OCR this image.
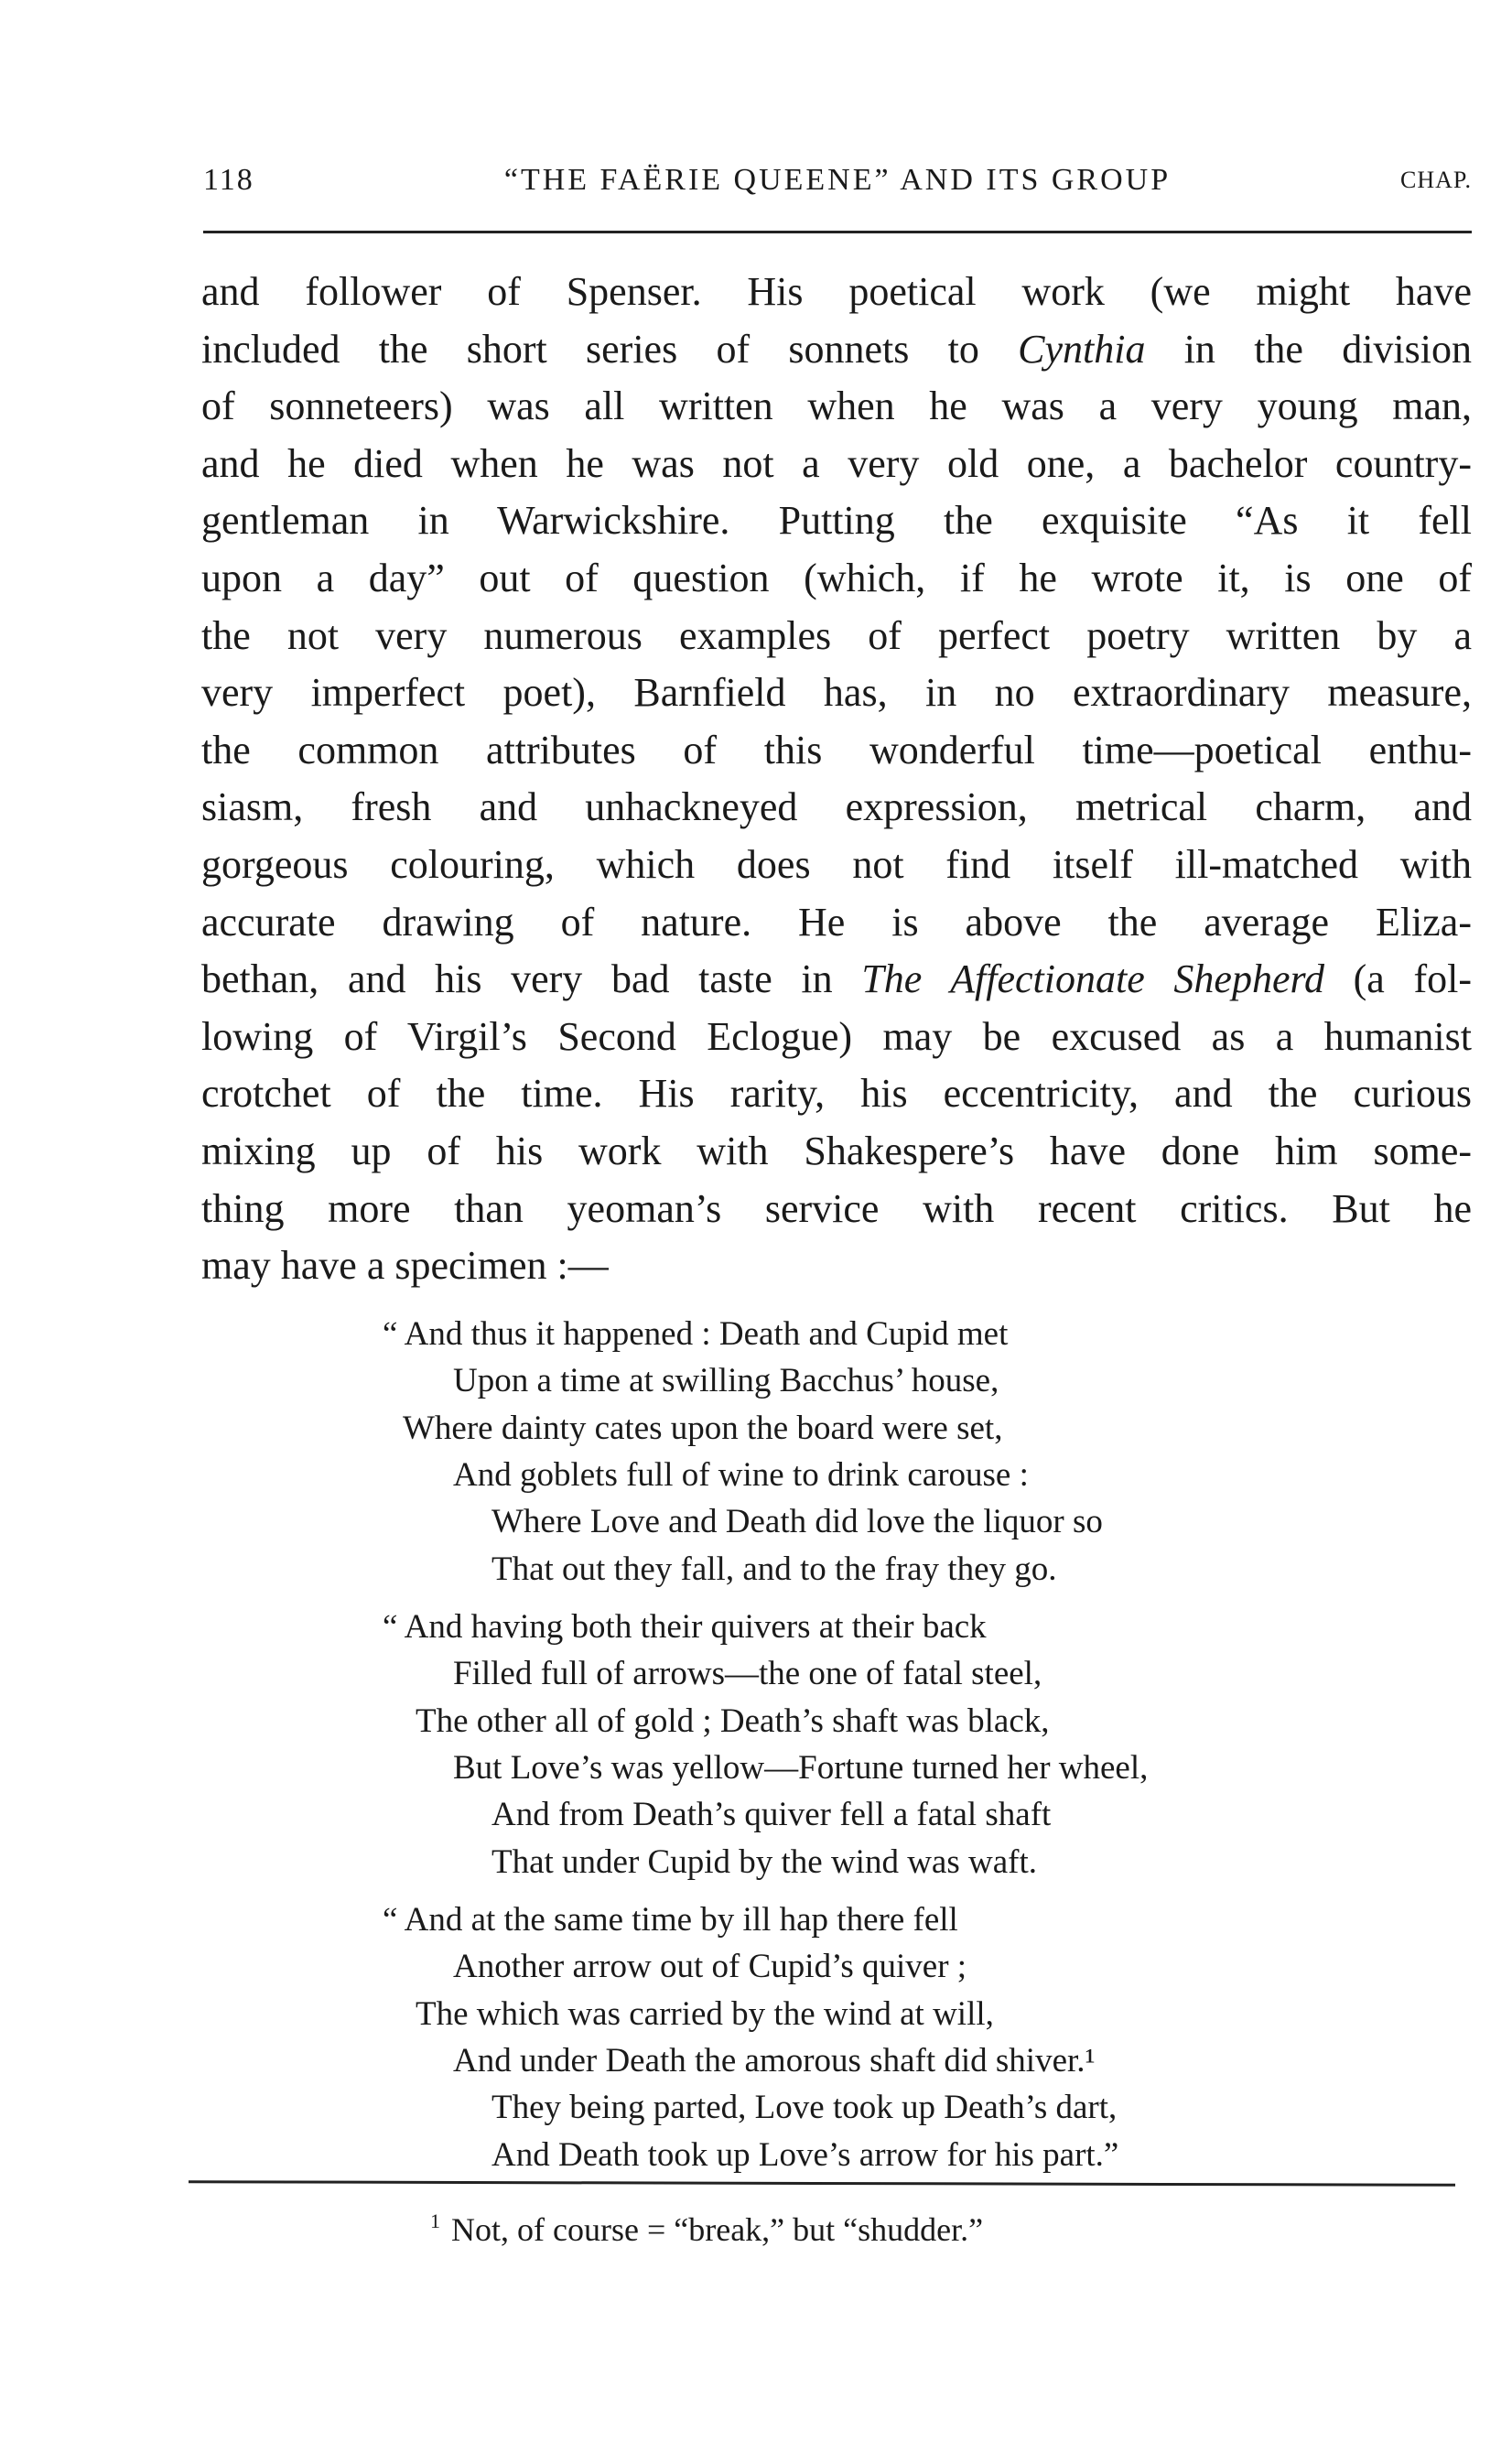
118	“THE FAËRIE QUEENE” AND ITS GROUP	CHAP.
and follower of Spenser. His poetical work (we might have
included the short series of sonnets to Cynthia in the division
of sonneteers) was all written when he was a very young man,
and he died when he was not a very old one, a bachelor country-
gentleman in Warwickshire. Putting the exquisite “As it fell
upon a day” out of question (which, if he wrote it, is one of
the not very numerous examples of perfect poetry written by a
very imperfect poet), Barnfield has, in no extraordinary measure,
the common attributes of this wonderful time—poetical enthu-
siasm, fresh and unhackneyed expression, metrical charm, and
gorgeous colouring, which does not find itself ill-matched with
accurate drawing of nature. He is above the average Eliza-
bethan, and his very bad taste in The Affectionate Shepherd (a fol-
lowing of Virgil’s Second Eclogue) may be excused as a humanist
crotchet of the time. His rarity, his eccentricity, and the curious
mixing up of his work with Shakespere’s have done him some-
thing more than yeoman’s service with recent critics. But he
may have a specimen :—
“ And thus it happened : Death and Cupid met
Upon a time at swilling Bacchus’ house,
Where dainty cates upon the board were set,
And goblets full of wine to drink carouse :
Where Love and Death did love the liquor so
That out they fall, and to the fray they go.
“ And having both their quivers at their back
Filled full of arrows—the one of fatal steel,
The other all of gold ; Death’s shaft was black,
But Love’s was yellow—Fortune turned her wheel,
And from Death’s quiver fell a fatal shaft
That under Cupid by the wind was waft.
“ And at the same time by ill hap there fell
Another arrow out of Cupid’s quiver ;
The which was carried by the wind at will,
And under Death the amorous shaft did shiver.¹
They being parted, Love took up Death’s dart,
And Death took up Love’s arrow for his part.”
$^1$ Not, of course = “break,” but “shudder.”
